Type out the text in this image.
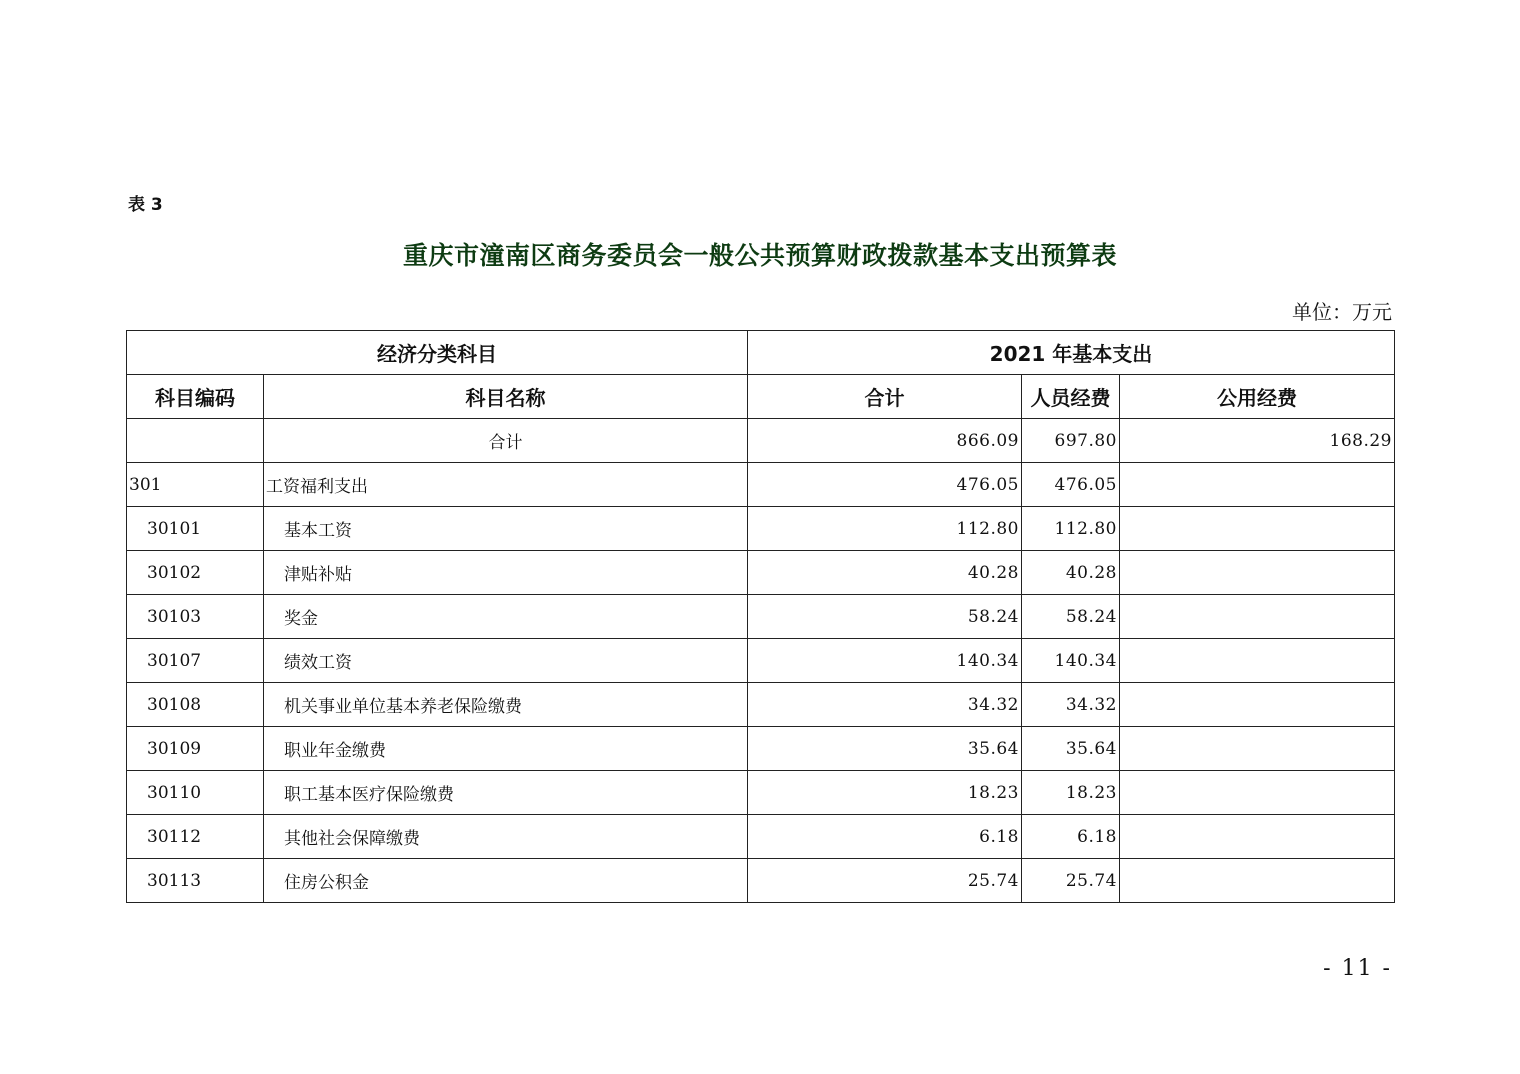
表 3
重庆市潼南区商务委员会一般公共预算财政拨款基本支出预算表
单位：万元
经济分类科目		2021 年基本支出		
科目编码	科目名称	合计	人员经费	公用经费
	合计	866.09	697.80	168.29
301	工资福利支出	476.05	476.05	
30101	基本工资	112.80	112.80	
30102	津贴补贴	40.28	40.28	
30103	奖金	58.24	58.24	
30107	绩效工资	140.34	140.34	
30108	机关事业单位基本养老保险缴费	34.32	34.32	
30109	职业年金缴费	35.64	35.64	
30110	职工基本医疗保险缴费	18.23	18.23	
30112	其他社会保障缴费	6.18	6.18	
30113	住房公积金	25.74	25.74	
- 11 -
